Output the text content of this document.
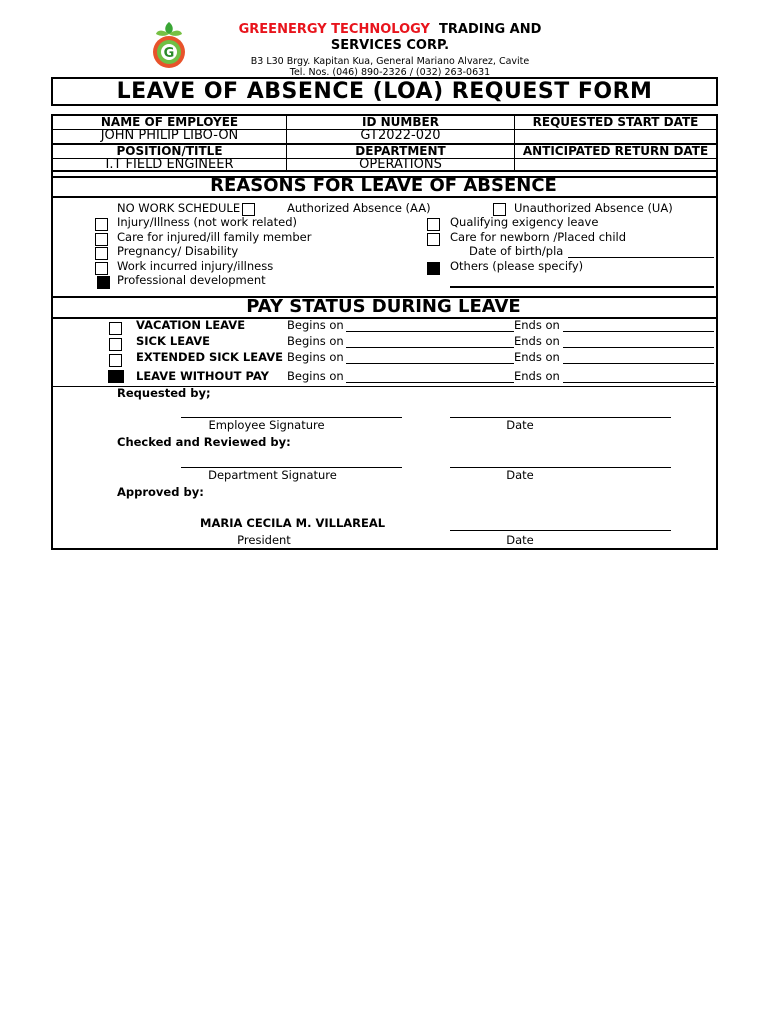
G
GREENERGY TECHNOLOGY TRADING AND
SERVICES CORP.
B3 L30 Brgy. Kapitan Kua, General Mariano Alvarez, Cavite
Tel. Nos. (046) 890-2326 / (032) 263-0631
LEAVE OF ABSENCE (LOA) REQUEST FORM
NAME OF EMPLOYEE	ID NUMBER	REQUESTED START DATE
JOHN PHILIP LIBO-ON	GT2022-020
POSITION/TITLE	DEPARTMENT	ANTICIPATED RETURN DATE
I.T FIELD ENGINEER	OPERATIONS
REASONS FOR LEAVE OF ABSENCE
NO WORK SCHEDULE	Authorized Absence (AA)	Unauthorized Absence (UA)
Injury/Illness (not work related)
Care for injured/ill family member
Pregnancy/ Disability
Work incurred injury/illness
Professional development
Qualifying exigency leave
Care for newborn /Placed child
Date of birth/pla
Others (please specify)
PAY STATUS DURING LEAVE
VACATION LEAVE	Begins on	Ends on
SICK LEAVE	Begins on	Ends on
EXTENDED SICK LEAVE Begins on	Ends on
LEAVE WITHOUT PAY Begins on	Ends on
Requested by;
Employee Signature	Date
Checked and Reviewed by:
Department Signature	Date
Approved by:
MARIA CECILA M. VILLAREAL
President	Date
